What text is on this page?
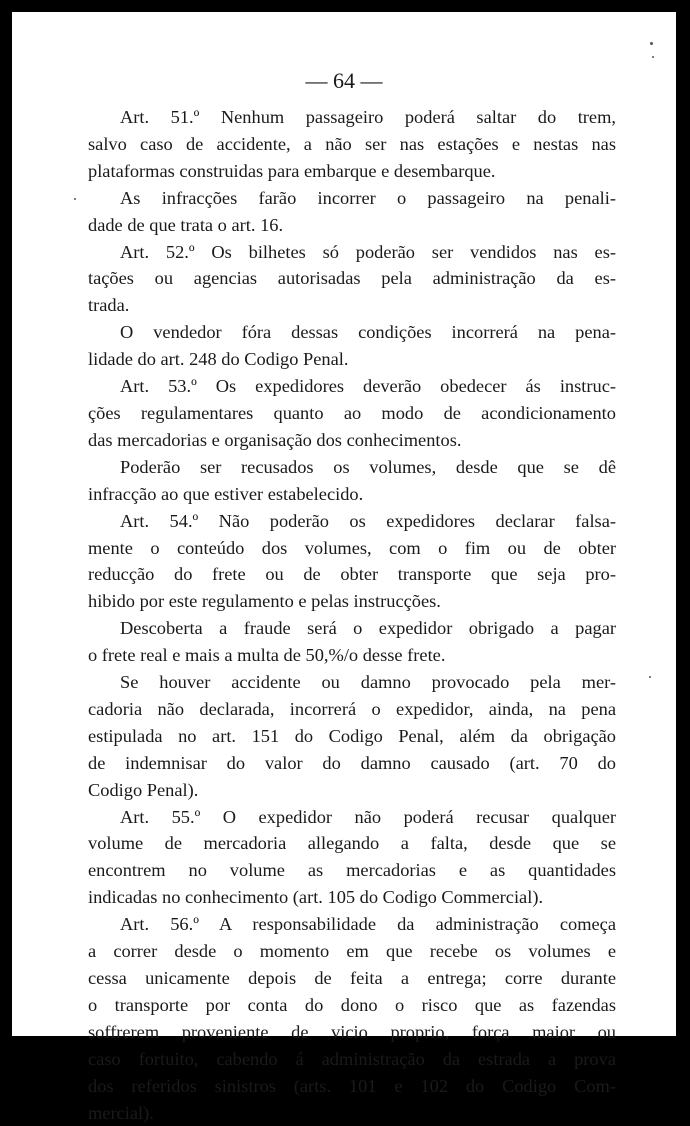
— 64 —
Art. 51.º Nenhum passageiro poderá saltar do trem,
salvo caso de accidente, a não ser nas estações e nestas nas
plataformas construidas para embarque e desembarque.
As infracções farão incorrer o passageiro na penali-
dade de que trata o art. 16.
Art. 52.º Os bilhetes só poderão ser vendidos nas es-
tações ou agencias autorisadas pela administração da es-
trada.
O vendedor fóra dessas condições incorrerá na pena-
lidade do art. 248 do Codigo Penal.
Art. 53.º Os expedidores deverão obedecer ás instruc-
ções regulamentares quanto ao modo de acondicionamento
das mercadorias e organisação dos conhecimentos.
Poderão ser recusados os volumes, desde que se dê
infracção ao que estiver estabelecido.
Art. 54.º Não poderão os expedidores declarar falsa-
mente o conteúdo dos volumes, com o fim ou de obter
reducção do frete ou de obter transporte que seja pro-
hibido por este regulamento e pelas instrucções.
Descoberta a fraude será o expedidor obrigado a pagar
o frete real e mais a multa de 50,%/o desse frete.
Se houver accidente ou damno provocado pela mer-
cadoria não declarada, incorrerá o expedidor, ainda, na pena
estipulada no art. 151 do Codigo Penal, além da obrigação
de indemnisar do valor do damno causado (art. 70 do
Codigo Penal).
Art. 55.º O expedidor não poderá recusar qualquer
volume de mercadoria allegando a falta, desde que se
encontrem no volume as mercadorias e as quantidades
indicadas no conhecimento (art. 105 do Codigo Commercial).
Art. 56.º A responsabilidade da administração começa
a correr desde o momento em que recebe os volumes e
cessa unicamente depois de feita a entrega; corre durante
o transporte por conta do dono o risco que as fazendas
soffrerem proveniente de vicio proprio, força maior ou
caso fortuito, cabendo á administração da estrada a prova
dos referidos sinistros (arts. 101 e 102 do Codigo Com-
mercial).
